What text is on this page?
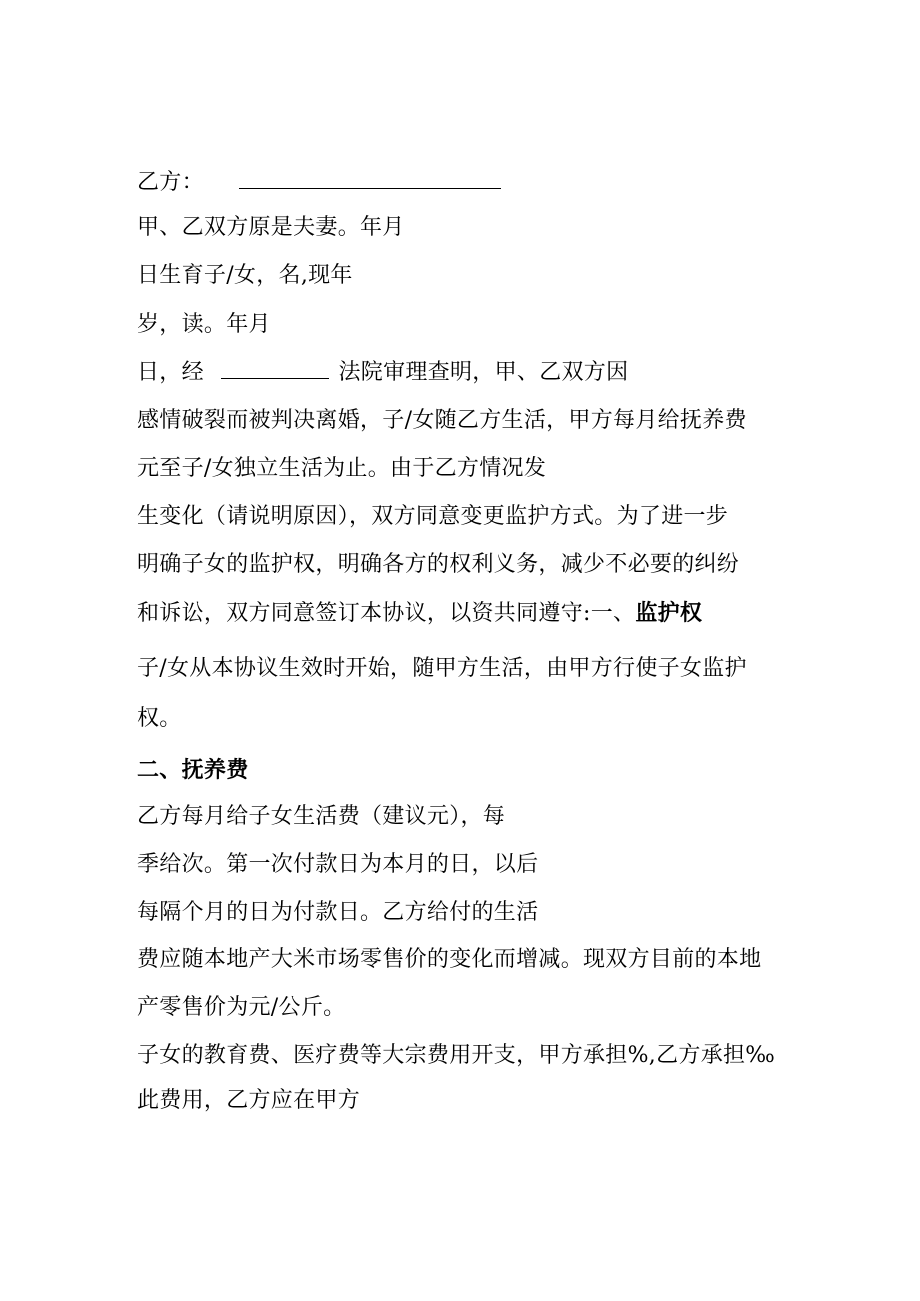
乙方：
甲、乙双方原是夫妻。年月
日生育子/女，名,现年
岁，读。年月
日，经	法院审理查明，甲、乙双方因
感情破裂而被判决离婚，子/女随乙方生活，甲方每月给抚养费
元至子/女独立生活为止。由于乙方情况发
生变化（请说明原因），双方同意变更监护方式。为了进一步
明确子女的监护权，明确各方的权利义务，减少不必要的纠纷
和诉讼，双方同意签订本协议，以资共同遵守:一、监护权
子/女从本协议生效时开始，随甲方生活，由甲方行使子女监护
权。
二、抚养费
乙方每月给子女生活费（建议元），每
季给次。第一次付款日为本月的日，以后
每隔个月的日为付款日。乙方给付的生活
费应随本地产大米市场零售价的变化而增减。现双方目前的本地
产零售价为元/公斤。
子女的教育费、医疗费等大宗费用开支，甲方承担%,乙方承担‰
此费用，乙方应在甲方
